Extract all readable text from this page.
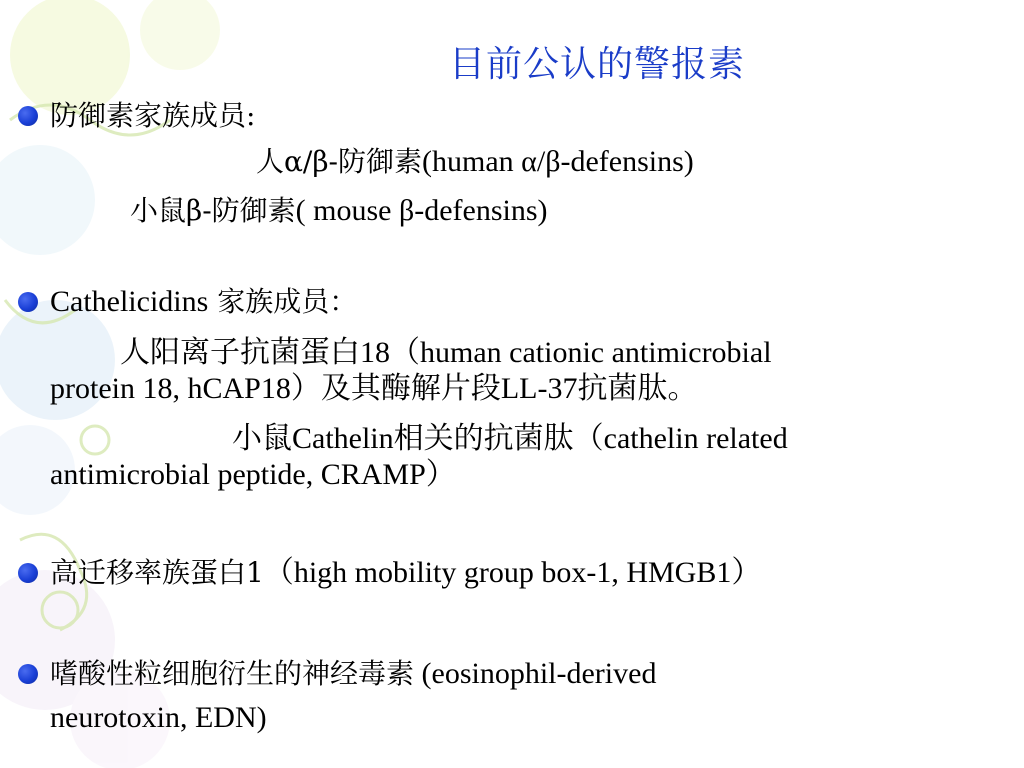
目前公认的警报素
防御素家族成员:
人α/β-防御素(human α/β-defensins)
小鼠β-防御素( mouse β-defensins)
Cathelicidins 家族成员：
人阳离子抗菌蛋白18（human cationic antimicrobial
protein 18, hCAP18）及其酶解片段LL-37抗菌肽。
小鼠Cathelin相关的抗菌肽（cathelin related
antimicrobial peptide, CRAMP）
高迁移率族蛋白1（high mobility group box-1, HMGB1）
嗜酸性粒细胞衍生的神经毒素 (eosinophil-derived
neurotoxin, EDN)
